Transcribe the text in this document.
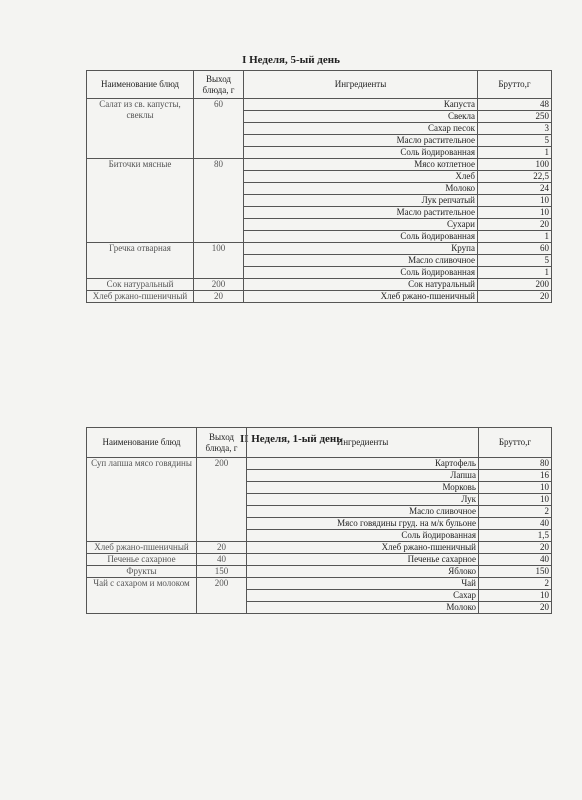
I Неделя, 5-ый день
Наименование блюд	Выход блюда, г	Ингредиенты	Брутто,г
Салат из св. капусты, свеклы	60	Капуста	48
		Свекла	250
		Сахар песок	3
		Масло растительное	5
		Соль йодированная	1
Биточки мясные	80	Мясо котлетное	100
		Хлеб	22,5
		Молоко	24
		Лук репчатый	10
		Масло растительное	10
		Сухари	20
		Соль йодированная	1
Гречка отварная	100	Крупа	60
		Масло сливочное	5
		Соль йодированная	1
Сок натуральный	200	Сок натуральный	200
Хлеб ржано-пшеничный	20	Хлеб ржано-пшеничный	20
II Неделя, 1-ый день
Наименование блюд	Выход блюда, г	Ингредиенты	Брутто,г
Суп лапша мясо говядины	200	Картофель	80
		Лапша	16
		Морковь	10
		Лук	10
		Масло сливочное	2
		Мясо говядины груд. на м/к бульоне	40
		Соль йодированная	1,5
Хлеб ржано-пшеничный	20	Хлеб ржано-пшеничный	20
Печенье сахарное	40	Печенье сахарное	40
Фрукты	150	Яблоко	150
Чай с сахаром и молоком	200	Чай	2
		Сахар	10
		Молоко	20
